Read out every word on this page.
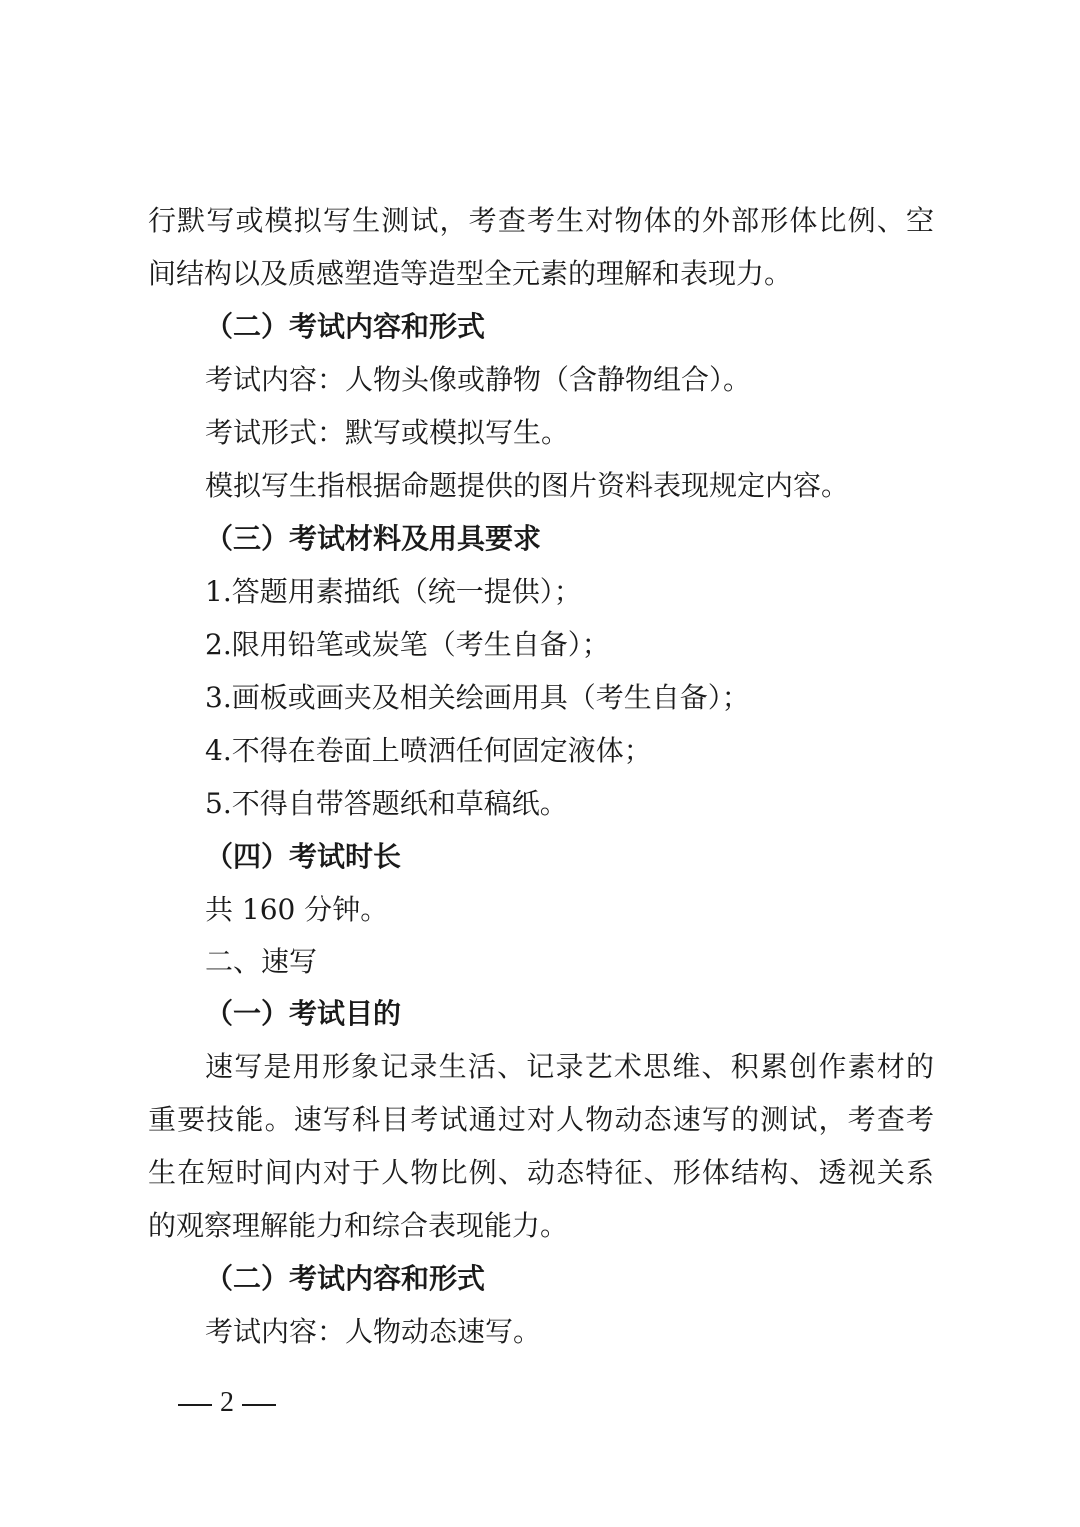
行默写或模拟写生测试，考查考生对物体的外部形体比例、空
间结构以及质感塑造等造型全元素的理解和表现力。
（二）考试内容和形式
考试内容：人物头像或静物（含静物组合）。
考试形式：默写或模拟写生。
模拟写生指根据命题提供的图片资料表现规定内容。
（三）考试材料及用具要求
1.答题用素描纸（统一提供）；
2.限用铅笔或炭笔（考生自备）；
3.画板或画夹及相关绘画用具（考生自备）；
4.不得在卷面上喷洒任何固定液体；
5.不得自带答题纸和草稿纸。
（四）考试时长
共 160 分钟。
二、速写
（一）考试目的
速写是用形象记录生活、记录艺术思维、积累创作素材的
重要技能。速写科目考试通过对人物动态速写的测试，考查考
生在短时间内对于人物比例、动态特征、形体结构、透视关系
的观察理解能力和综合表现能力。
（二）考试内容和形式
考试内容：人物动态速写。
2
